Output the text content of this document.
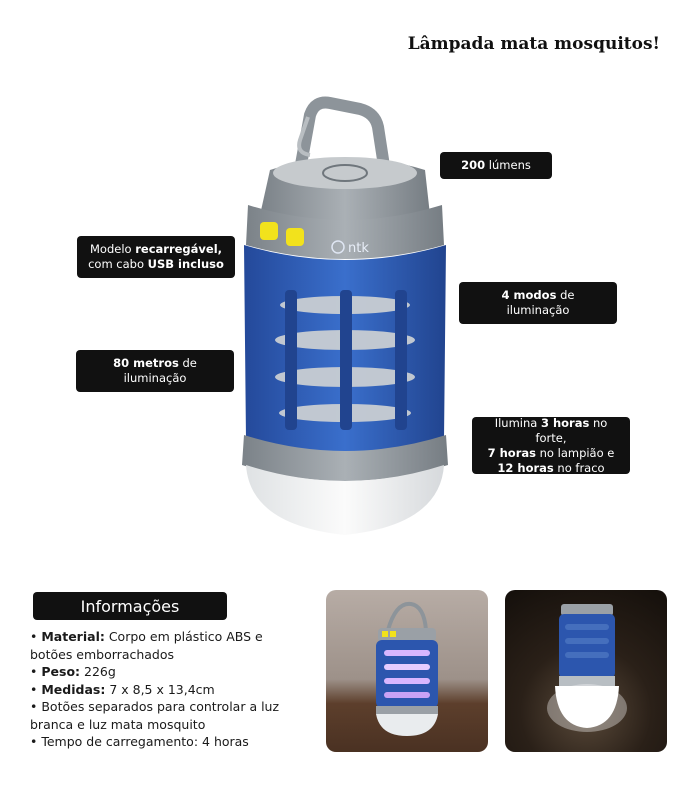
Lâmpada mata mosquitos!
ntk
200 lúmens
Modelo recarregável,
com cabo USB incluso
4 modos de
iluminação
80 metros de
iluminação
Ilumina 3 horas no forte,
7 horas no lampião e
12 horas no fraco
Informações
• Material: Corpo em plástico ABS e botões emborrachados
• Peso: 226g
• Medidas: 7 x 8,5 x 13,4cm
• Botões separados para controlar a luz branca e luz mata mosquito
• Tempo de carregamento: 4 horas
